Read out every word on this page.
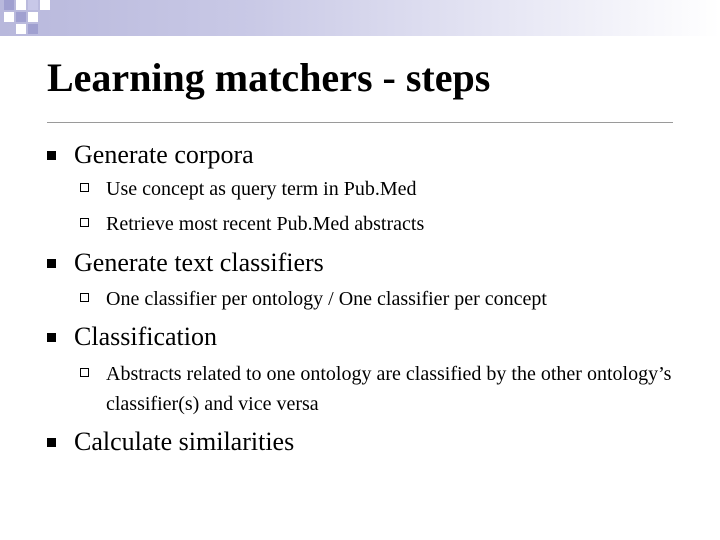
Learning matchers - steps
Generate corpora
Use concept as query term in Pub.Med
Retrieve most recent Pub.Med abstracts
Generate text classifiers
One classifier per ontology / One classifier per concept
Classification
Abstracts related to one ontology are classified by the other ontology’s classifier(s) and vice versa
Calculate similarities
